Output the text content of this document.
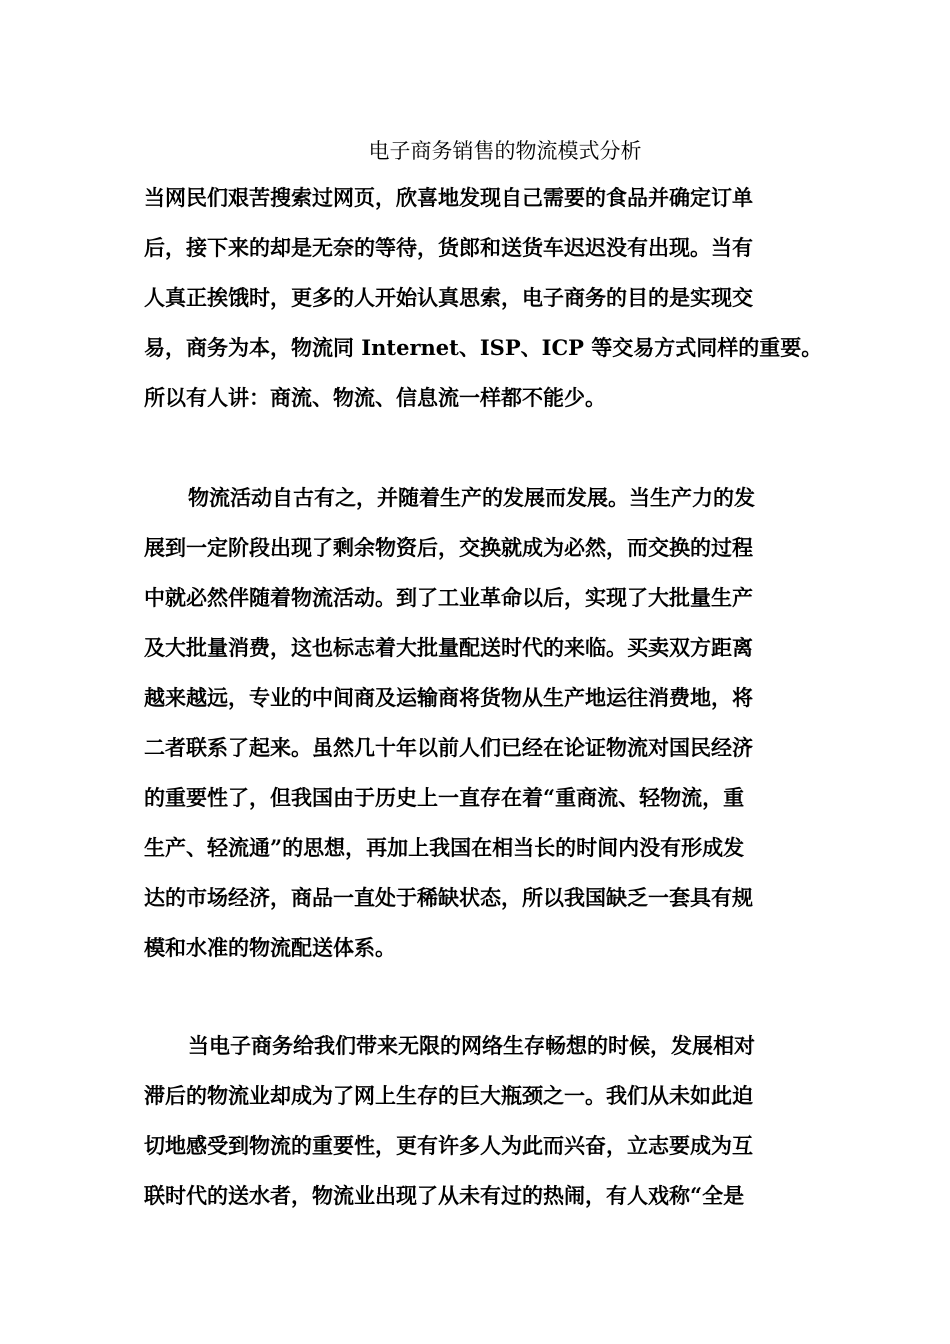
电子商务销售的物流模式分析
当网民们艰苦搜索过网页，欣喜地发现自己需要的食品并确定订单
后，接下来的却是无奈的等待，货郎和送货车迟迟没有出现。当有
人真正挨饿时，更多的人开始认真思索，电子商务的目的是实现交
易，商务为本，物流同 Internet、ISP、ICP 等交易方式同样的重要。
所以有人讲：商流、物流、信息流一样都不能少。
物流活动自古有之，并随着生产的发展而发展。当生产力的发
展到一定阶段出现了剩余物资后，交换就成为必然，而交换的过程
中就必然伴随着物流活动。到了工业革命以后，实现了大批量生产
及大批量消费，这也标志着大批量配送时代的来临。买卖双方距离
越来越远，专业的中间商及运输商将货物从生产地运往消费地，将
二者联系了起来。虽然几十年以前人们已经在论证物流对国民经济
的重要性了，但我国由于历史上一直存在着“重商流、轻物流，重
生产、轻流通”的思想，再加上我国在相当长的时间内没有形成发
达的市场经济，商品一直处于稀缺状态，所以我国缺乏一套具有规
模和水准的物流配送体系。
当电子商务给我们带来无限的网络生存畅想的时候，发展相对
滞后的物流业却成为了网上生存的巨大瓶颈之一。我们从未如此迫
切地感受到物流的重要性，更有许多人为此而兴奋，立志要成为互
联时代的送水者，物流业出现了从未有过的热闹，有人戏称“全是
